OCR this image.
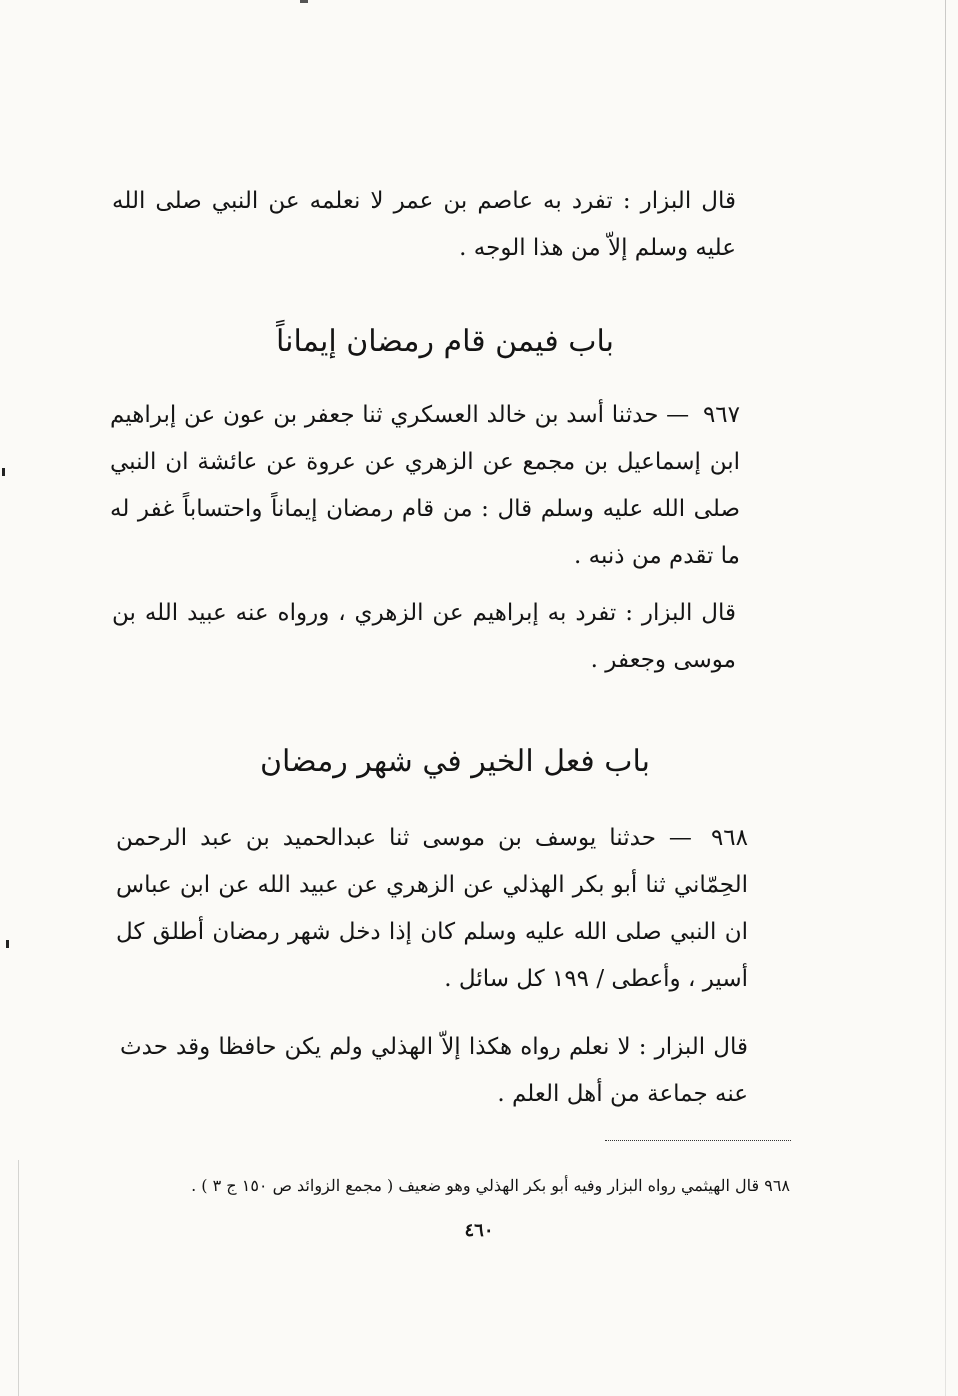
قال البزار : تفرد به عاصم بن عمر لا نعلمه عن النبي صلى الله عليه وسلم إلاّ من هذا الوجه .
باب فيمن قام رمضان إيماناً
٩٦٧ — حدثنا أسد بن خالد العسكري ثنا جعفر بن عون عن إبراهيم ابن إسماعيل بن مجمع عن الزهري عن عروة عن عائشة ان النبي صلى الله عليه وسلم قال : من قام رمضان إيماناً واحتساباً غفر له ما تقدم من ذنبه .
قال البزار : تفرد به إبراهيم عن الزهري ، ورواه عنه عبيد الله بن موسى وجعفر .
باب فعل الخير في شهر رمضان
٩٦٨ — حدثنا يوسف بن موسى ثنا عبدالحميد بن عبد الرحمن الحِمّاني ثنا أبو بكر الهذلي عن الزهري عن عبيد الله عن ابن عباس ان النبي صلى الله عليه وسلم كان إذا دخل شهر رمضان أطلق كل أسير ، وأعطى / ١٩٩ كل سائل .
قال البزار : لا نعلم رواه هكذا إلاّ الهذلي ولم يكن حافظا وقد حدث عنه جماعة من أهل العلم .
٩٦٨ قال الهيثمي رواه البزار وفيه أبو بكر الهذلي وهو ضعيف ( مجمع الزوائد ص ١٥٠ ج ٣ ) .
٤٦٠
